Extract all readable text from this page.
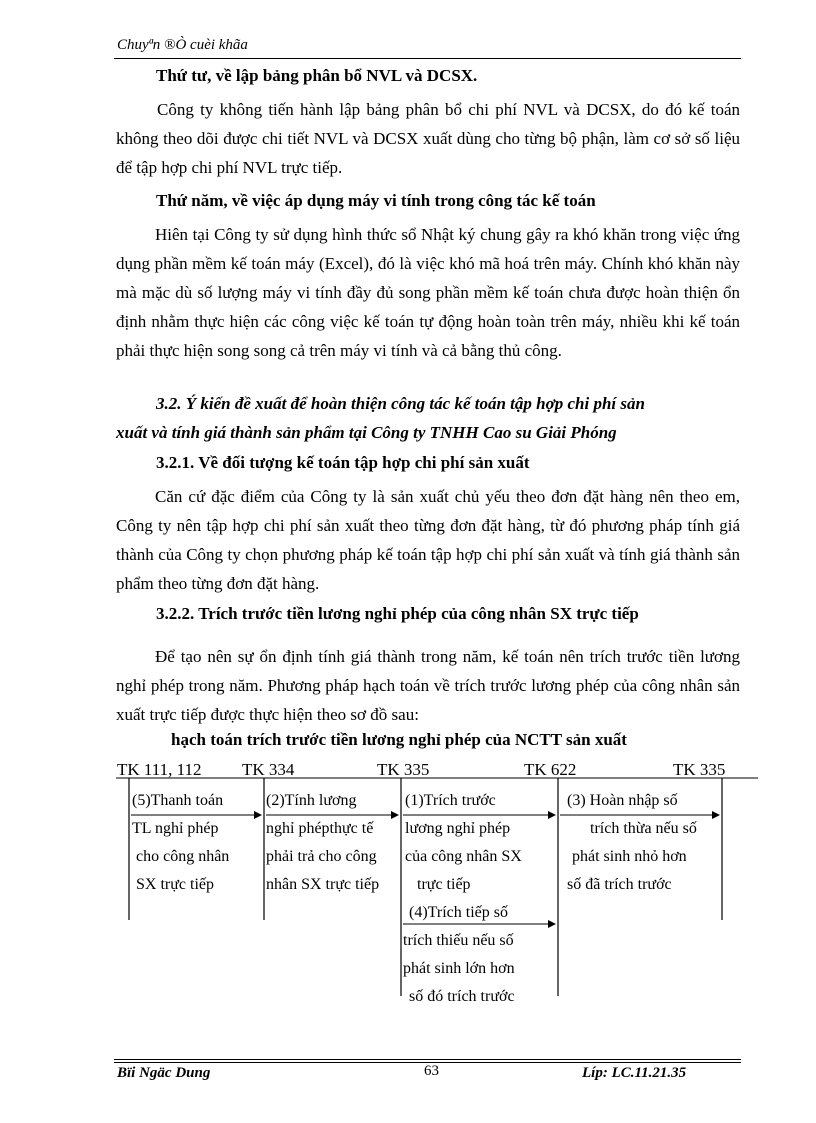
Chuyªn ®Ò cuèi khãa
Thứ tư, về lập bảng phân bổ NVL và DCSX.
Công ty không tiến hành lập bảng phân bổ chi phí NVL và DCSX, do đó kế toán không theo dõi được chi tiết NVL và DCSX xuất dùng cho từng bộ phận, làm cơ sở số liệu để tập hợp chi phí NVL trực tiếp.
Thứ năm, về việc áp dụng máy vi tính trong công tác kế toán
Hiên tại Công ty sử dụng hình thức sổ Nhật ký chung gây ra khó khăn trong việc ứng dụng phần mềm kế toán máy (Excel), đó là việc khó mã hoá trên máy. Chính khó khăn này mà mặc dù số lượng máy vi tính đầy đủ song phần mềm kế toán chưa được hoàn thiện ổn định nhằm thực hiện các công việc kế toán tự động hoàn toàn trên máy, nhiều khi kế toán phải thực hiện song song cả trên máy vi tính và cả bằng thủ công.
3.2. Ý kiến đề xuất để hoàn thiện công tác kế toán tập hợp chi phí sản
xuất và tính giá thành sản phẩm tại Công ty TNHH Cao su Giải Phóng
3.2.1. Về đối tượng kế toán tập hợp chi phí sản xuất
Căn cứ đặc điểm của Công ty là sản xuất chủ yếu theo đơn đặt hàng nên theo em, Công ty nên tập hợp chi phí sản xuất theo từng đơn đặt hàng, từ đó phương pháp tính giá thành của Công ty chọn phương pháp kế toán tập hợp chi phí sản xuất và tính giá thành sản phẩm theo từng đơn đặt hàng.
3.2.2. Trích trước tiền lương nghỉ phép của công nhân SX trực tiếp
Để tạo nên sự ổn định tính giá thành trong năm, kế toán nên trích trước tiền lương nghỉ phép trong năm. Phương pháp hạch toán về trích trước lương phép của công nhân sản xuất trực tiếp được thực hiện theo sơ đồ sau:
hạch toán trích trước tiền lương nghỉ phép của NCTT sản xuất
TK 111, 112 TK 334	TK 335	TK 622	TK 335
(5)Thanh toán
TL nghỉ phép
cho công nhân
SX trực tiếp
(2)Tính lương
nghỉ phépthực tế
phải trả cho công
nhân SX trực tiếp
(1)Trích trước
lương nghỉ phép
của công nhân SX
trực tiếp
(3) Hoàn nhập số
trích thừa nếu số
phát sinh nhỏ hơn
số đã trích trước
(4)Trích tiếp số
trích thiếu nếu số
phát sinh lớn hơn
số đó trích trước
Bïi Ngäc Dung	63	Líp: LC.11.21.35
